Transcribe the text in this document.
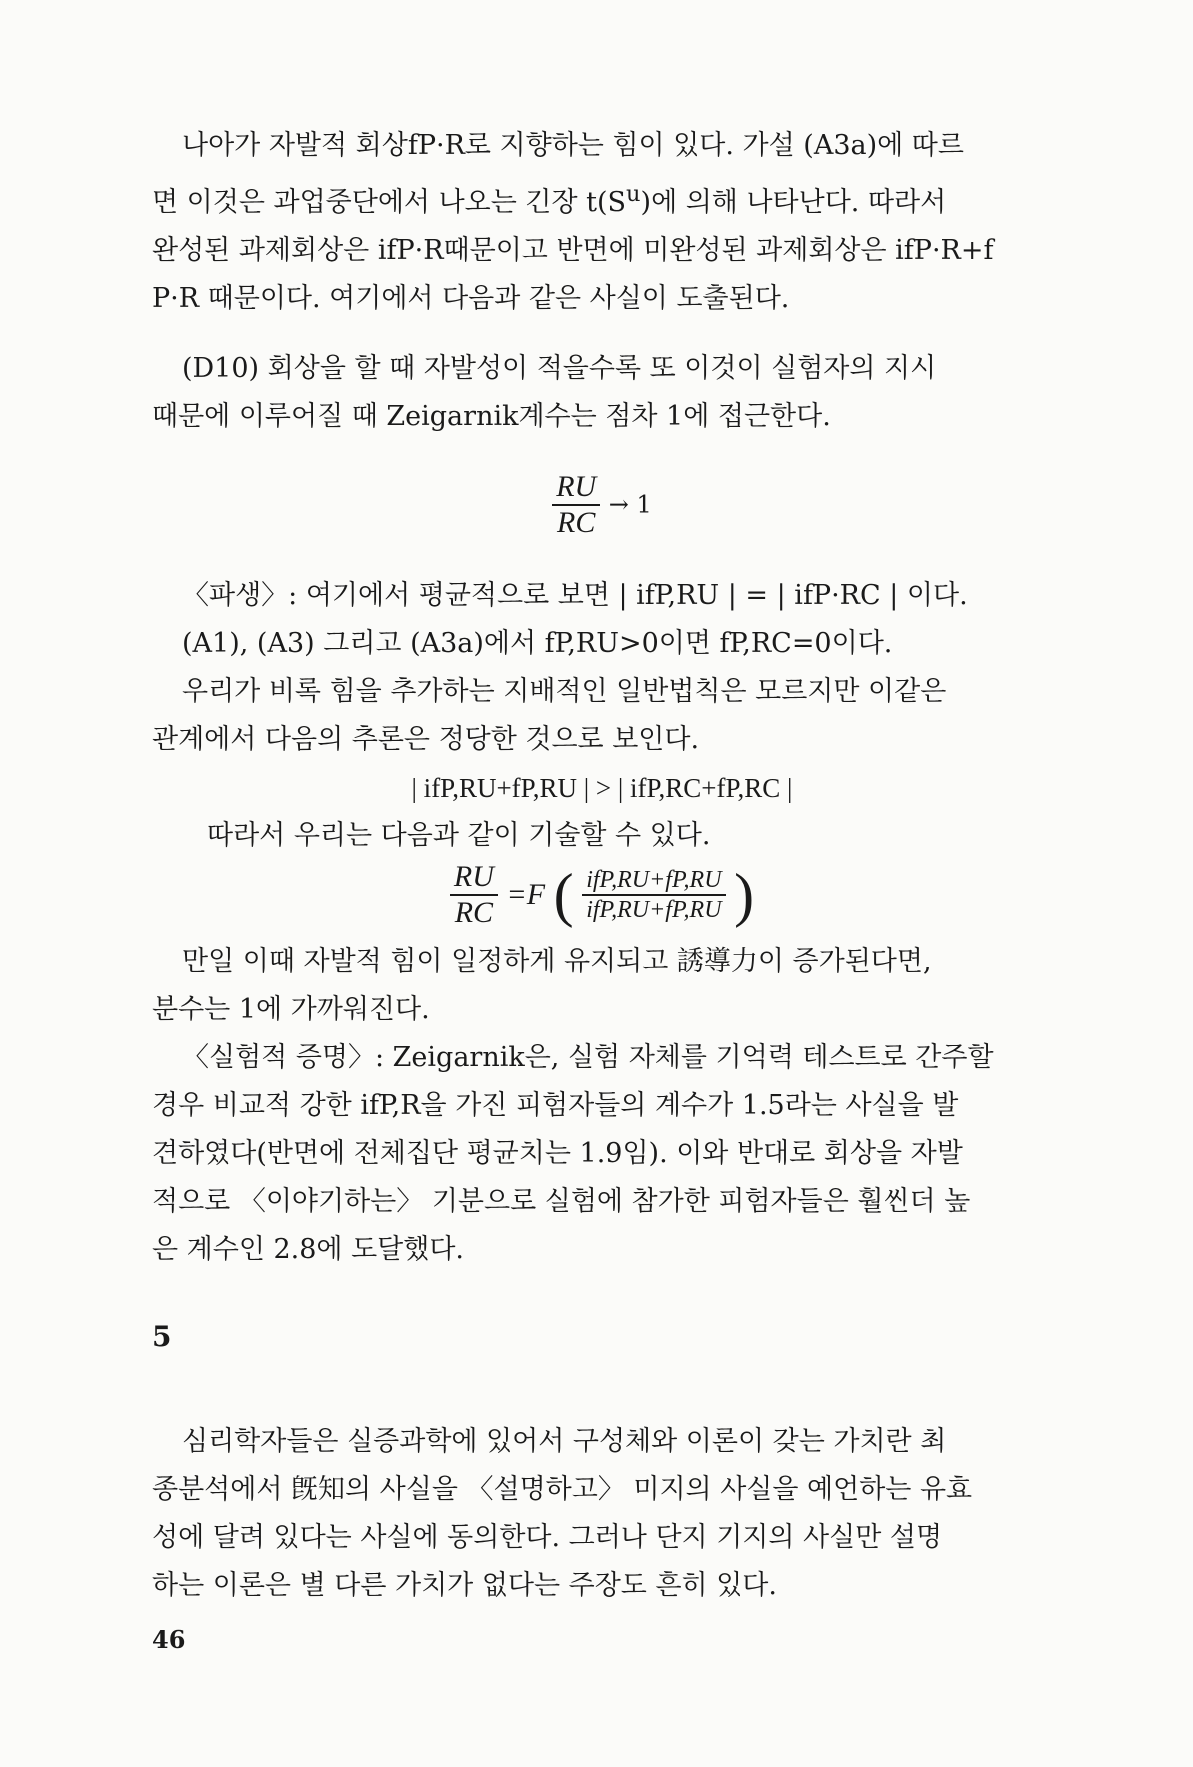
나아가 자발적 회상fP·R로 지향하는 힘이 있다. 가설 (A3a)에 따르

면 이것은 과업중단에서 나오는 긴장 $t(S^u)$에 의해 나타난다. 따라서

완성된 과제회상은 ifP·R때문이고 반면에 미완성된 과제회상은 ifP·R+f

P·R 때문이다. 여기에서 다음과 같은 사실이 도출된다.

(D10) 회상을 할 때 자발성이 적을수록 또 이것이 실험자의 지시

때문에 이루어질 때 Zeigarnik계수는 점차 1에 접근한다.

$\frac{RU}{RC} \to 1$

〈파생〉: 여기에서 평균적으로 보면 | ifP,RU | = | ifP·RC | 이다.

(A1), (A3) 그리고 (A3a)에서 fP,RU>0이면 fP,RC=0이다.

우리가 비록 힘을 추가하는 지배적인 일반법칙은 모르지만 이같은

관계에서 다음의 추론은 정당한 것으로 보인다.

| ifP,RU+fP,RU | > | ifP,RC+fP,RC |

따라서 우리는 다음과 같이 기술할 수 있다.

$\frac{RU}{RC} =F$ ( $\frac{\text{ifP,RU+fP,RU}}{\text{ifP,RU+fP,RU}}$ )

만일 이때 자발적 힘이 일정하게 유지되고 誘導力이 증가된다면,

분수는 1에 가까워진다.

〈실험적 증명〉: Zeigarnik은, 실험 자체를 기억력 테스트로 간주할

경우 비교적 강한 ifP,R을 가진 피험자들의 계수가 1.5라는 사실을 발

견하였다(반면에 전체집단 평균치는 1.9임). 이와 반대로 회상을 자발

적으로 〈이야기하는〉 기분으로 실험에 참가한 피험자들은 훨씬더 높

은 계수인 2.8에 도달했다.

5

심리학자들은 실증과학에 있어서 구성체와 이론이 갖는 가치란 최

종분석에서 旣知의 사실을 〈설명하고〉 미지의 사실을 예언하는 유효

성에 달려 있다는 사실에 동의한다. 그러나 단지 기지의 사실만 설명

하는 이론은 별 다른 가치가 없다는 주장도 흔히 있다.

46
